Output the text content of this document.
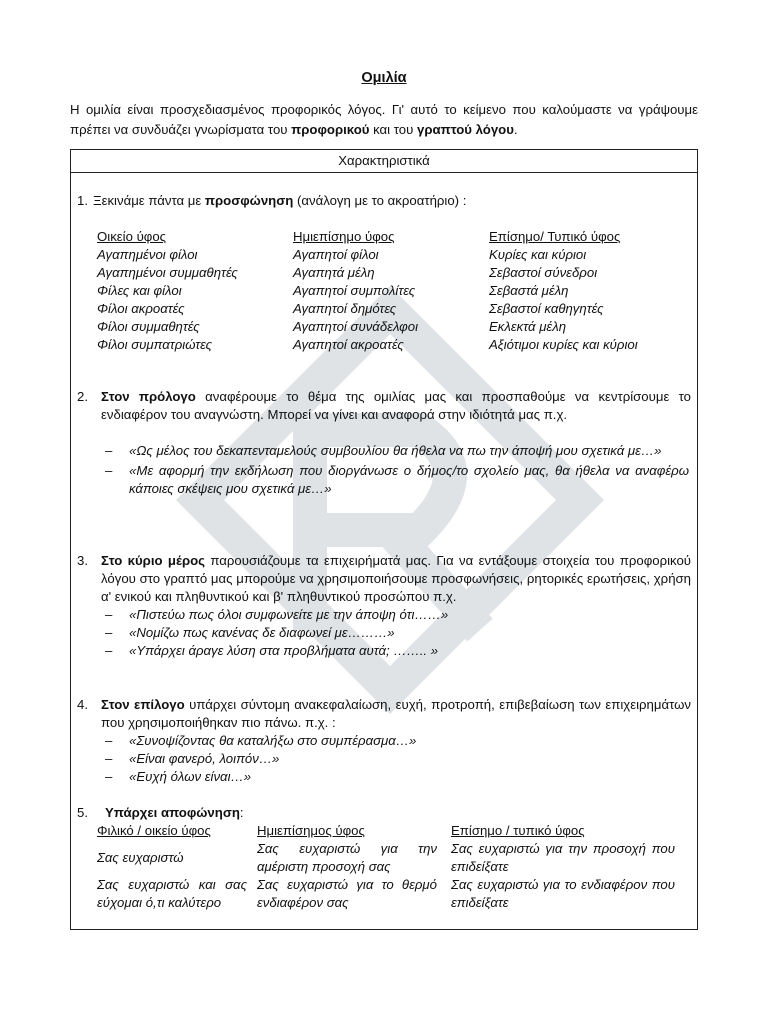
Ομιλία

Η ομιλία είναι προσχεδιασμένος προφορικός λόγος. Γι' αυτό το κείμενο που καλούμαστε να γράψουμε πρέπει να συνδυάζει γνωρίσματα του προφορικού και του γραπτού λόγου.

Χαρακτηριστικά
1. Ξεκινάμε πάντα με προσφώνηση (ανάλογη με το ακροατήριο) :
Οικείο ύφος
Αγαπημένοι φίλοι
Αγαπημένοι συμμαθητές
Φίλες και φίλοι
Φίλοι ακροατές
Φίλοι συμμαθητές
Φίλοι συμπατριώτες
Ημιεπίσημο ύφος
Αγαπητοί φίλοι
Αγαπητά μέλη
Αγαπητοί συμπολίτες
Αγαπητοί δημότες
Αγαπητοί συνάδελφοι
Αγαπητοί ακροατές
Επίσημο/ Τυπικό ύφος
Κυρίες και κύριοι
Σεβαστοί σύνεδροι
Σεβαστά μέλη
Σεβαστοί καθηγητές
Εκλεκτά μέλη
Αξιότιμοι κυρίες και κύριοι
2. Στον πρόλογο αναφέρουμε το θέμα της ομιλίας μας και προσπαθούμε να κεντρίσουμε το ενδιαφέρον του αναγνώστη. Μπορεί να γίνει και αναφορά στην ιδιότητά μας π.χ.

– «Ως μέλος του δεκαπενταμελούς συμβουλίου θα ήθελα να πω την άποψή μου σχετικά με…»
– «Με αφορμή την εκδήλωση που διοργάνωσε ο δήμος/το σχολείο μας, θα ήθελα να αναφέρω κάποιες σκέψεις μου σχετικά με…»
3. Στο κύριο μέρος παρουσιάζουμε τα επιχειρήματά μας. Για να εντάξουμε στοιχεία του προφορικού λόγου στο γραπτό μας μπορούμε να χρησιμοποιήσουμε προσφωνήσεις, ρητορικές ερωτήσεις, χρήση α' ενικού και πληθυντικού και β' πληθυντικού προσώπου π.χ.

– «Πιστεύω πως όλοι συμφωνείτε με την άποψη ότι……»
– «Νομίζω πως κανένας δε διαφωνεί με………»
– «Υπάρχει άραγε λύση στα προβλήματα αυτά; …….. »
4. Στον επίλογο υπάρχει σύντομη ανακεφαλαίωση, ευχή, προτροπή, επιβεβαίωση των επιχειρημάτων που χρησιμοποιήθηκαν πιο πάνω. π.χ. :

– «Συνοψίζοντας θα καταλήξω στο συμπέρασμα…»
– «Είναι φανερό, λοιπόν…»
– «Ευχή όλων είναι…»
5. Υπάρχει αποφώνηση:
Φιλικό / οικείο ύφος
Σας ευχαριστώ
Σας ευχαριστώ και σας εύχομαι ό,τι καλύτερο
Ημιεπίσημος ύφος
Σας ευχαριστώ για την αμέριστη προσοχή σας
Σας ευχαριστώ για το θερμό ενδιαφέρον σας
Επίσημο / τυπικό ύφος
Σας ευχαριστώ για την προσοχή που επιδείξατε
Σας ευχαριστώ για το ενδιαφέρον που επιδείξατε
